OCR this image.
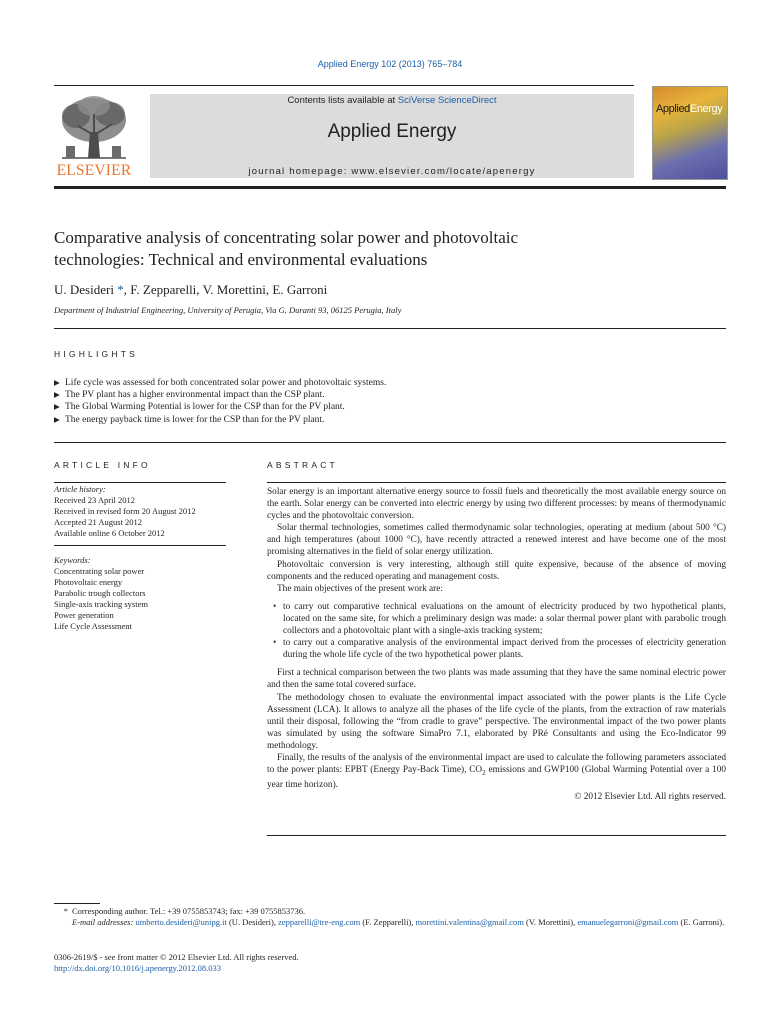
Applied Energy 102 (2013) 765–784
ELSEVIER
Contents lists available at SciVerse ScienceDirect
Applied Energy
journal homepage: www.elsevier.com/locate/apenergy
AppliedEnergy
Comparative analysis of concentrating solar power and photovoltaic
technologies: Technical and environmental evaluations
U. Desideri *, F. Zepparelli, V. Morettini, E. Garroni
Department of Industrial Engineering, University of Perugia, Via G. Duranti 93, 06125 Perugia, Italy
HIGHLIGHTS
▶ Life cycle was assessed for both concentrated solar power and photovoltaic systems.
▶ The PV plant has a higher environmental impact than the CSP plant.
▶ The Global Warming Potential is lower for the CSP than for the PV plant.
▶ The energy payback time is lower for the CSP than for the PV plant.
ARTICLE INFO	ABSTRACT
Article history:
Received 23 April 2012
Received in revised form 20 August 2012
Accepted 21 August 2012
Available online 6 October 2012
Keywords:
Concentrating solar power
Photovoltaic energy
Parabolic trough collectors
Single-axis tracking system
Power generation
Life Cycle Assessment

Solar energy is an important alternative energy source to fossil fuels and theoretically the most available energy source on the earth. Solar energy can be converted into electric energy by using two different processes: by means of thermodynamic cycles and the photovoltaic conversion.

Solar thermal technologies, sometimes called thermodynamic solar technologies, operating at medium (about 500 °C) and high temperatures (about 1000 °C), have recently attracted a renewed interest and have become one of the most promising alternatives in the field of solar energy utilization.

Photovoltaic conversion is very interesting, although still quite expensive, because of the absence of moving components and the reduced operating and management costs.

The main objectives of the present work are:

• to carry out comparative technical evaluations on the amount of electricity produced by two hypothetical plants, located on the same site, for which a preliminary design was made: a solar thermal power plant with parabolic trough collectors and a photovoltaic plant with a single-axis tracking system;
• to carry out a comparative analysis of the environmental impact derived from the processes of electricity generation during the whole life cycle of the two hypothetical power plants.

First a technical comparison between the two plants was made assuming that they have the same nominal electric power and then the same total covered surface.

The methodology chosen to evaluate the environmental impact associated with the power plants is the Life Cycle Assessment (LCA). It allows to analyze all the phases of the life cycle of the plants, from the extraction of raw materials until their disposal, following the “from cradle to grave” perspective. The environmental impact of the two power plants was simulated by using the software SimaPro 7.1, elaborated by PRé Consultants and using the Eco-Indicator 99 methodology.

Finally, the results of the analysis of the environmental impact are used to calculate the following parameters associated to the power plants: EPBT (Energy Pay-Back Time), $CO_2$ emissions and GWP100 (Global Warming Potential over a 100 year time horizon).

© 2012 Elsevier Ltd. All rights reserved.
* Corresponding author. Tel.: +39 0755853743; fax: +39 0755853736.
E-mail addresses: umberto.desideri@unipg.it (U. Desideri), zepparelli@tre-eng.com (F. Zepparelli), morettini.valentina@gmail.com (V. Morettini), emanuelegarroni@gmail.com (E. Garroni).
0306-2619/$ - see front matter © 2012 Elsevier Ltd. All rights reserved.
http://dx.doi.org/10.1016/j.apenergy.2012.08.033
